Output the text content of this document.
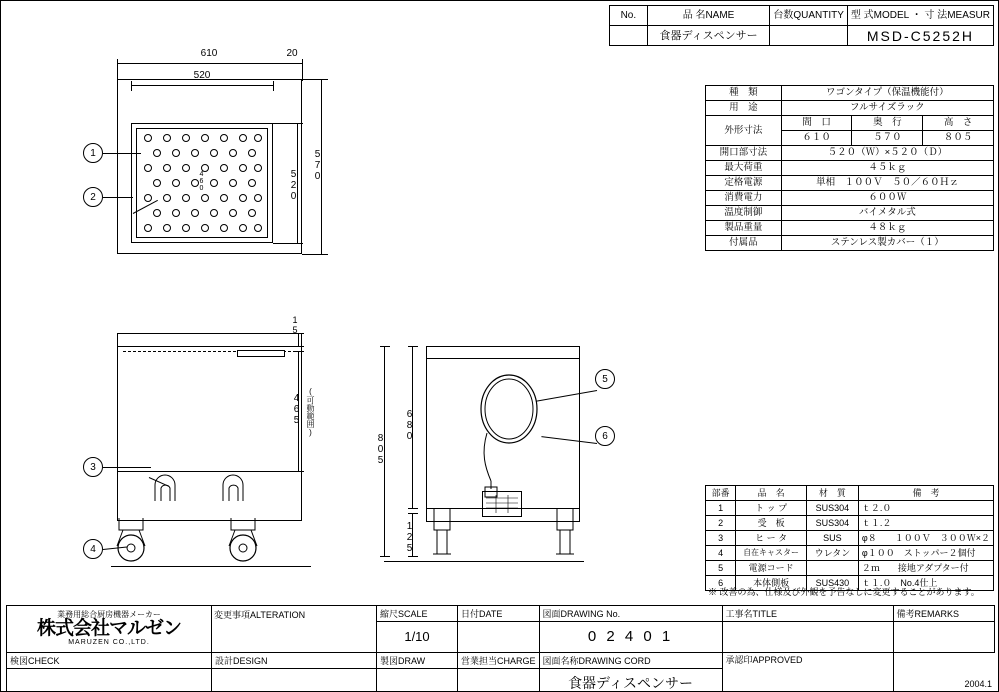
No.	品 名NAME	台数QUANTITY	型 式MODEL ・ 寸 法MEASUR
	食器ディスペンサー		MSD-C5252H
種　類	ワゴンタイプ（保温機能付）		
用　途	フルサイズラック		
外形寸法	間　口	奥　行	高　さ
	６１０	５７０	８０５
開口部寸法	５２０（Ｗ）×５２０（Ｄ）		
最大荷重	４５ｋｇ		
定格電源	単相　１００Ｖ　５０／６０Ｈｚ		
消費電力	６００Ｗ		
温度制御	バイメタル式		
製品重量	４８ｋｇ		
付属品	ステンレス製カバー（１）		
部番	品　名	材　質	備　考
1	ト ッ プ	SUS304	ｔ２.０
2	受　板	SUS304	ｔ１.２
3	ヒ ー タ	SUS	φ８　　１００Ｖ　３００Ｗ×２
4	自在キャスター	ウレタン	φ１００　ストッパー２個付
5	電源コード		２ｍ　　接地アダプター付
6	本体側板	SUS430	ｔ１.０　No.4仕上
※ 改善の為、仕様及び外観を予告なしに変更することがあります。
610
520
20
520
570
460
1
2
15
465 (可動範囲)
3
4
805
680
125
5
6
業務用総合厨房機器メーカー
株式会社マルゼン
MARUZEN CO.,LTD.	変更事項ALTERATION	縮尺SCALE	日付DATE	図面DRAWING No.	工事名TITLE	備考REMARKS
		1/10		0 2 4 0 1		

検図CHECK	設計DESIGN	製図DRAW	営業担当CHARGE	図面名称DRAWING CORD	承認印APPROVED	
				食器ディスペンサー			2004.1
